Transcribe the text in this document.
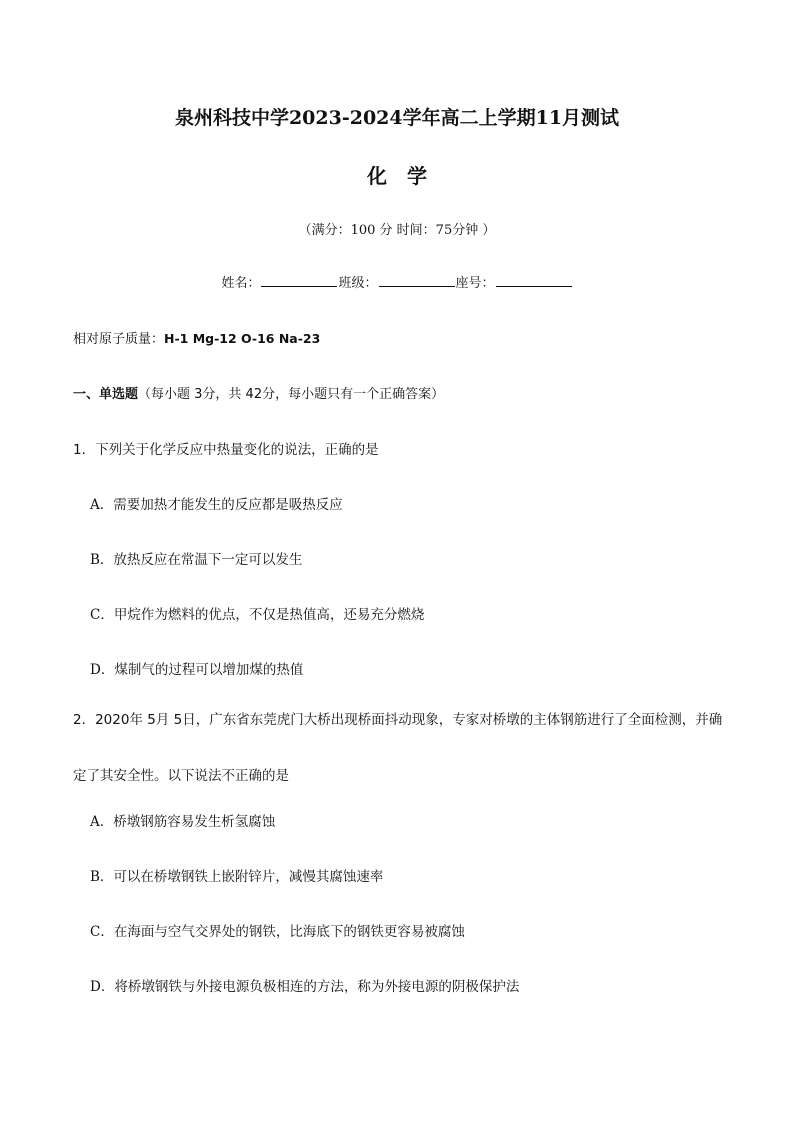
泉州科技中学2023-2024学年高二上学期11月测试
化学
（满分：100 分 时间：75分钟 ）
姓名：	班级：	座号：
相对原子质量：H-1 Mg-12 O-16 Na-23
一、单选题（每小题 3分，共 42分，每小题只有一个正确答案）
1．下列关于化学反应中热量变化的说法，正确的是
A．需要加热才能发生的反应都是吸热反应
B．放热反应在常温下一定可以发生
C．甲烷作为燃料的优点，不仅是热值高，还易充分燃烧
D．煤制气的过程可以增加煤的热值
2．2020年 5月 5日，广东省东莞虎门大桥出现桥面抖动现象，专家对桥墩的主体钢筋进行了全面检测，并确定了其安全性。以下说法不正确的是
A．桥墩钢筋容易发生析氢腐蚀
B．可以在桥墩钢铁上嵌附锌片，减慢其腐蚀速率
C．在海面与空气交界处的钢铁，比海底下的钢铁更容易被腐蚀
D．将桥墩钢铁与外接电源负极相连的方法，称为外接电源的阴极保护法
